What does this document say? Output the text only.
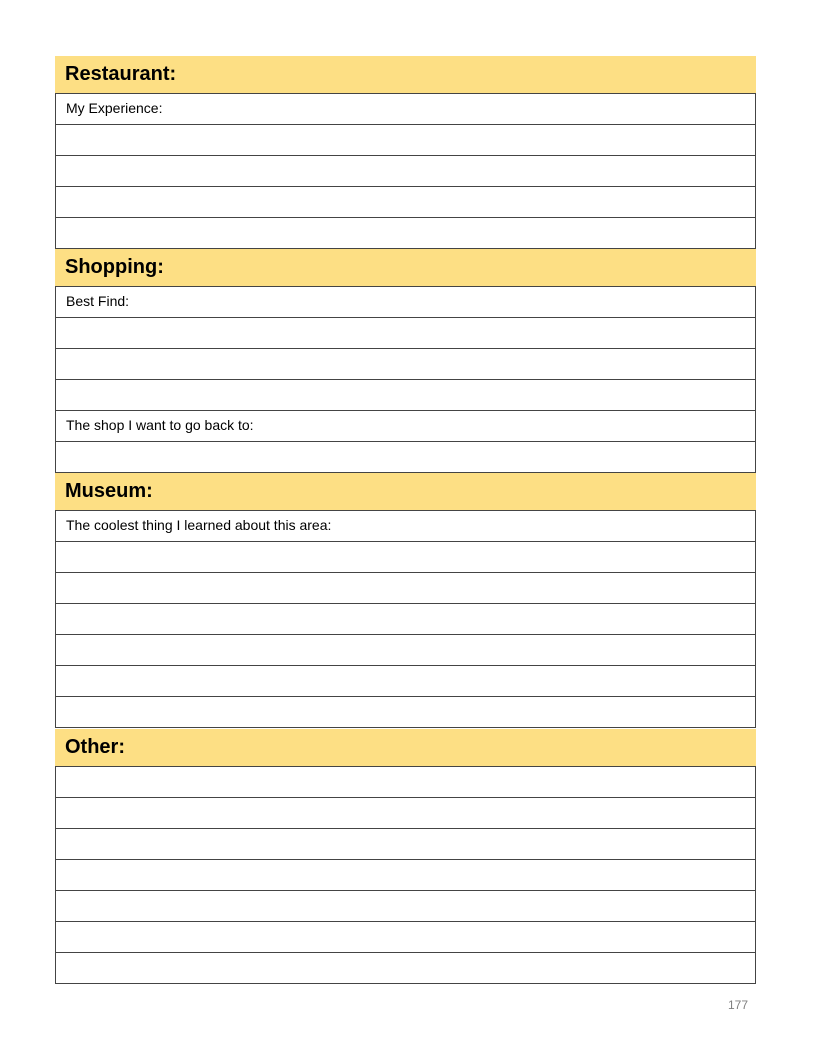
Restaurant:
My Experience:
Shopping:
Best Find:
The shop I want to go back to:
Museum:
The coolest thing I learned about this area:
Other:
177
